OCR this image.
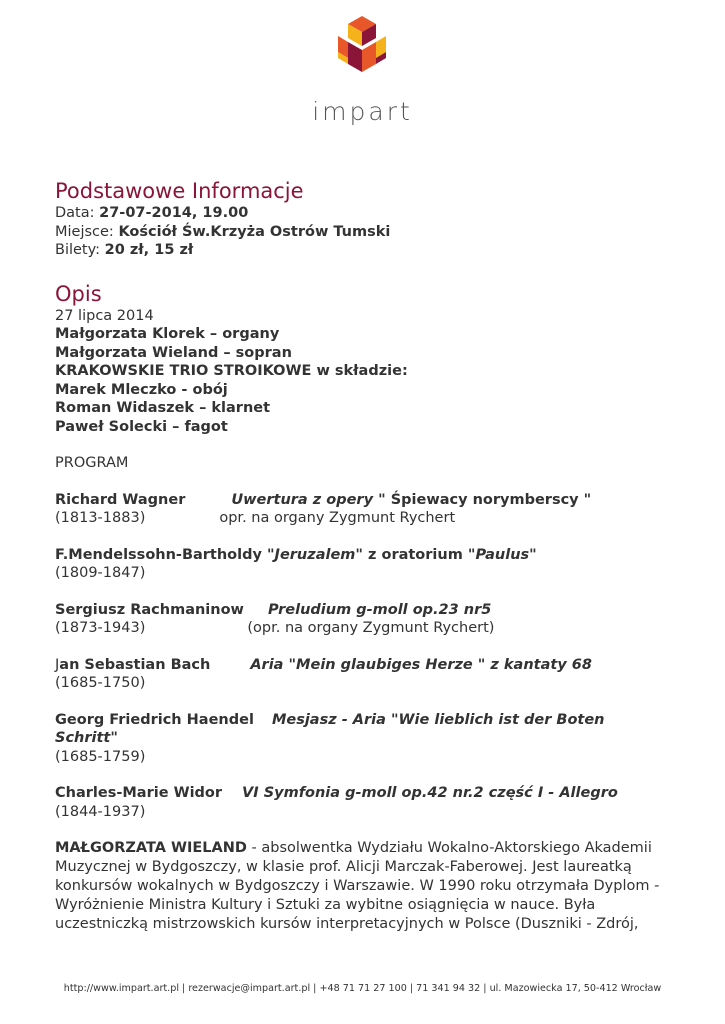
impart
Podstawowe Informacje

Data: 27-07-2014, 19.00

Miejsce: Kościół Św.Krzyża Ostrów Tumski

Bilety: 20 zł, 15 zł

Opis

27 lipca 2014

Małgorzata Klorek – organy

Małgorzata Wieland – sopran

KRAKOWSKIE TRIO STROIKOWE w składzie:

Marek Mleczko - obój

Roman Widaszek – klarnet

Paweł Solecki – fagot

PROGRAM

Richard Wagner	Uwertura z opery " Śpiewacy norymberscy "

(1813-1883)	opr. na organy Zygmunt Rychert

F.Mendelssohn-Bartholdy "Jeruzalem" z oratorium "Paulus"

(1809-1847)

Sergiusz Rachmaninow Preludium g-moll op.23 nr5

(1873-1943)	(opr. na organy Zygmunt Rychert)

Jan Sebastian Bach	Aria "Mein glaubiges Herze " z kantaty 68

(1685-1750)

Georg Friedrich Haendel Mesjasz - Aria "Wie lieblich ist der Boten

Schritt"

(1685-1759)

Charles-Marie Widor VI Symfonia g-moll op.42 nr.2 część I - Allegro

(1844-1937)

MAŁGORZATA WIELAND - absolwentka Wydziału Wokalno-Aktorskiego Akademii

Muzycznej w Bydgoszczy, w klasie prof. Alicji Marczak-Faberowej. Jest laureatką

konkursów wokalnych w Bydgoszczy i Warszawie. W 1990 roku otrzymała Dyplom -

Wyróżnienie Ministra Kultury i Sztuki za wybitne osiągnięcia w nauce. Była

uczestniczką mistrzowskich kursów interpretacyjnych w Polsce (Duszniki - Zdrój,

http://www.impart.art.pl | rezerwacje@impart.art.pl | +48 71 71 27 100 | 71 341 94 32 | ul. Mazowiecka 17, 50-412 Wrocław
